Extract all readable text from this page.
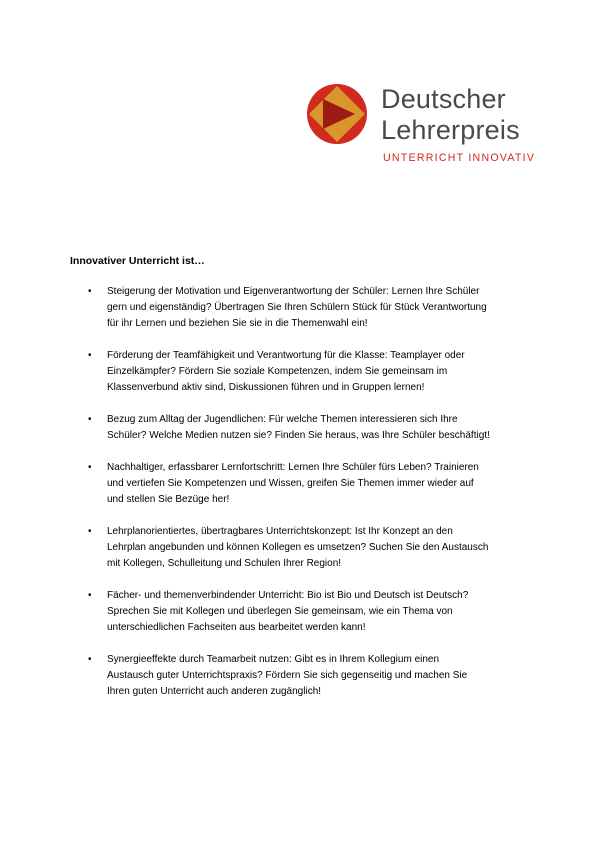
Deutscher
Lehrerpreis
UNTERRICHT INNOVATIV
Innovativer Unterricht ist…
• Steigerung der Motivation und Eigenverantwortung der Schüler: Lernen Ihre Schüler
gern und eigenständig? Übertragen Sie Ihren Schülern Stück für Stück Verantwortung
für ihr Lernen und beziehen Sie sie in die Themenwahl ein!
• Förderung der Teamfähigkeit und Verantwortung für die Klasse: Teamplayer oder
Einzelkämpfer? Fördern Sie soziale Kompetenzen, indem Sie gemeinsam im
Klassenverbund aktiv sind, Diskussionen führen und in Gruppen lernen!
• Bezug zum Alltag der Jugendlichen: Für welche Themen interessieren sich Ihre
Schüler? Welche Medien nutzen sie? Finden Sie heraus, was Ihre Schüler beschäftigt!
• Nachhaltiger, erfassbarer Lernfortschritt: Lernen Ihre Schüler fürs Leben? Trainieren
und vertiefen Sie Kompetenzen und Wissen, greifen Sie Themen immer wieder auf
und stellen Sie Bezüge her!
• Lehrplanorientiertes, übertragbares Unterrichtskonzept: Ist Ihr Konzept an den
Lehrplan angebunden und können Kollegen es umsetzen? Suchen Sie den Austausch
mit Kollegen, Schulleitung und Schulen Ihrer Region!
• Fächer- und themenverbindender Unterricht: Bio ist Bio und Deutsch ist Deutsch?
Sprechen Sie mit Kollegen und überlegen Sie gemeinsam, wie ein Thema von
unterschiedlichen Fachseiten aus bearbeitet werden kann!
• Synergieeffekte durch Teamarbeit nutzen: Gibt es in Ihrem Kollegium einen
Austausch guter Unterrichtspraxis? Fördern Sie sich gegenseitig und machen Sie
Ihren guten Unterricht auch anderen zugänglich!
